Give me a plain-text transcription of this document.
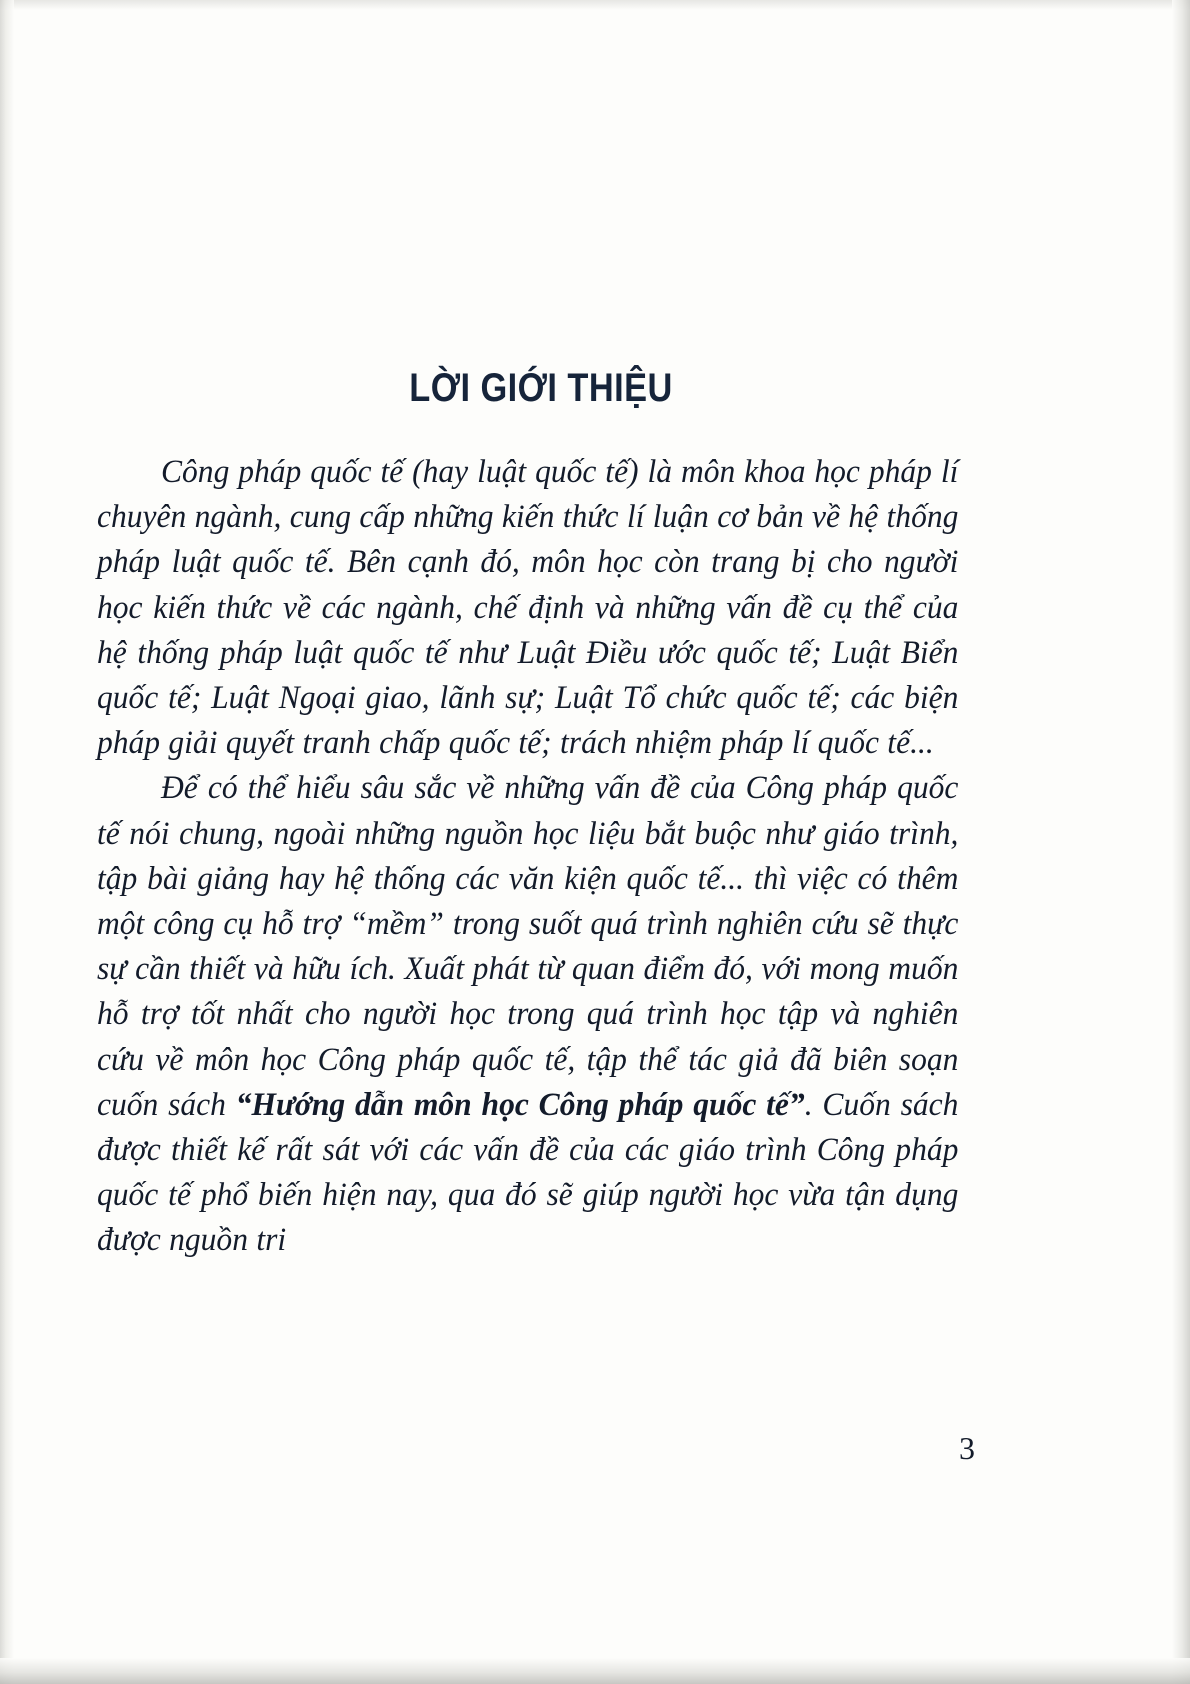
LỜI GIỚI THIỆU

Công pháp quốc tế (hay luật quốc tế) là môn khoa học pháp lí chuyên ngành, cung cấp những kiến thức lí luận cơ bản về hệ thống pháp luật quốc tế. Bên cạnh đó, môn học còn trang bị cho người học kiến thức về các ngành, chế định và những vấn đề cụ thể của hệ thống pháp luật quốc tế như Luật Điều ước quốc tế; Luật Biển quốc tế; Luật Ngoại giao, lãnh sự; Luật Tổ chức quốc tế; các biện pháp giải quyết tranh chấp quốc tế; trách nhiệm pháp lí quốc tế...

Để có thể hiểu sâu sắc về những vấn đề của Công pháp quốc tế nói chung, ngoài những nguồn học liệu bắt buộc như giáo trình, tập bài giảng hay hệ thống các văn kiện quốc tế... thì việc có thêm một công cụ hỗ trợ “mềm” trong suốt quá trình nghiên cứu sẽ thực sự cần thiết và hữu ích. Xuất phát từ quan điểm đó, với mong muốn hỗ trợ tốt nhất cho người học trong quá trình học tập và nghiên cứu về môn học Công pháp quốc tế, tập thể tác giả đã biên soạn cuốn sách “Hướng dẫn môn học Công pháp quốc tế”. Cuốn sách được thiết kế rất sát với các vấn đề của các giáo trình Công pháp quốc tế phổ biến hiện nay, qua đó sẽ giúp người học vừa tận dụng được nguồn tri

3
